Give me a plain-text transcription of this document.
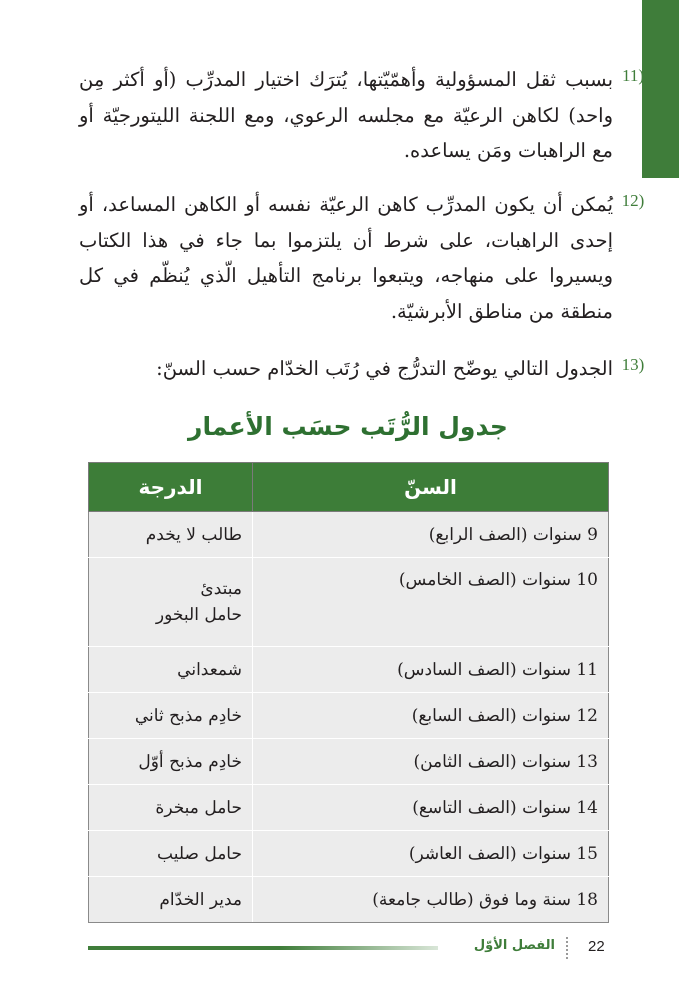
11)
بسبب ثقل المسؤولية وأهمّيّتها، يُترَك اختيار المدرِّب (أو أكثر مِن واحد) لكاهن الرعيّة مع مجلسه الرعوي، ومع اللجنة الليتورجيّة أو مع الراهبات ومَن يساعده.
12)
يُمكن أن يكون المدرِّب كاهن الرعيّة نفسه أو الكاهن المساعد، أو إحدى الراهبات، على شرط أن يلتزموا بما جاء في هذا الكتاب ويسيروا على منهاجه، ويتبعوا برنامج التأهيل الّذي يُنظّم في كل منطقة من مناطق الأبرشيّة.
13)
الجدول التالي يوضّح التدرُّج في رُتَب الخدّام حسب السنّ:
جدول الرُّتَب حسَب الأعمار
السنّ	الدرجة
9 سنوات (الصف الرابع)	طالب لا يخدم

10 سنوات (الصف الخامس)	مبتدئ
حامل البخور

11 سنوات (الصف السادس)	شمعداني

12 سنوات (الصف السابع)	خادِم مذبح ثاني

13 سنوات (الصف الثامن)	خادِم مذبح أوّل

14 سنوات (الصف التاسع)	حامل مبخرة

15 سنوات (الصف العاشر)	حامل صليب

18 سنة وما فوق (طالب جامعة)	مدير الخدّام
الفصل الأوّل 22
